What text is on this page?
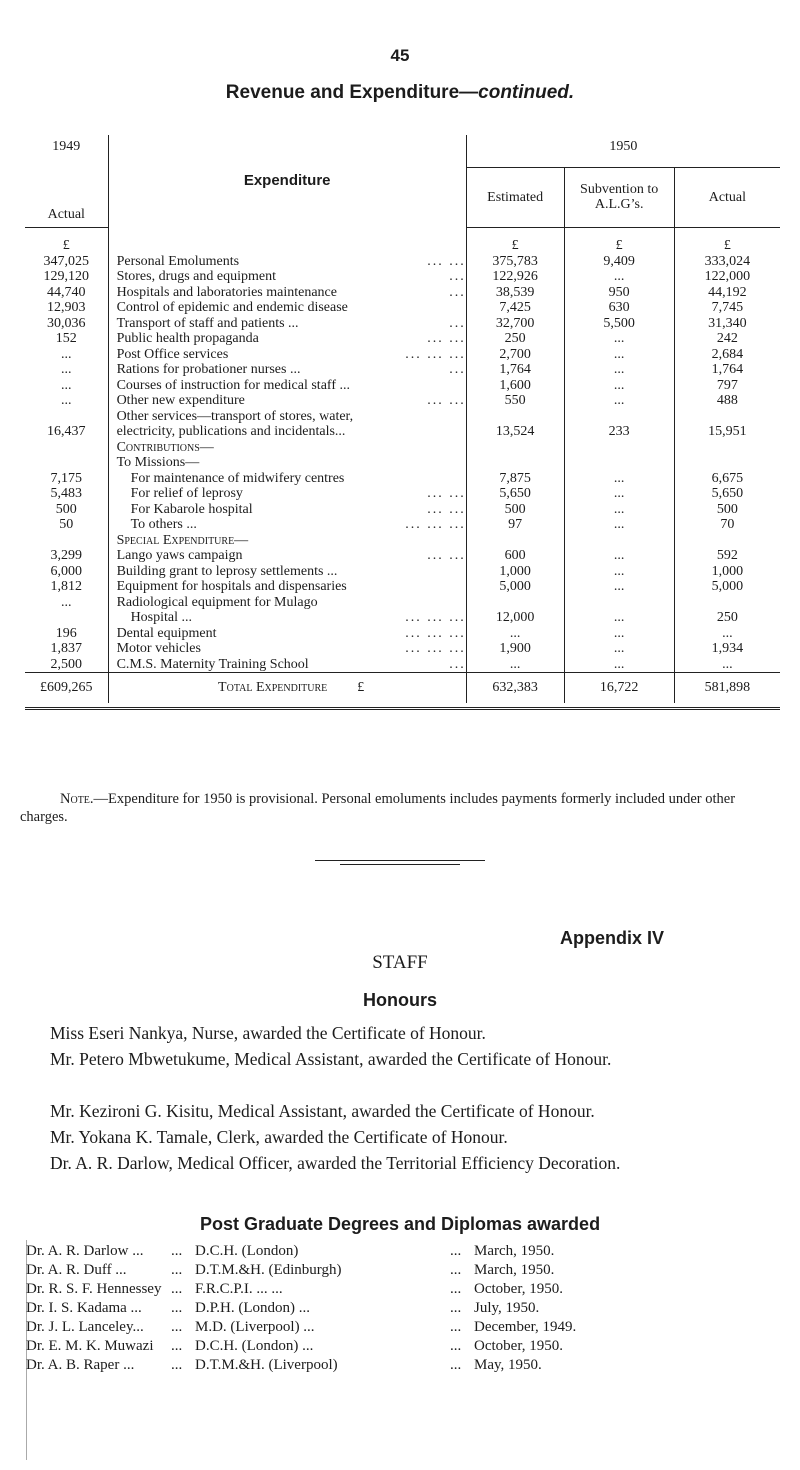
45
Revenue and Expenditure—continued.
1949	Expenditure	1950		
Actual		Estimated	Subvention to A.L.G’s.	Actual
£		£	£	£
347,025	Personal Emoluments ... ...	375,783	9,409	333,024
129,120	Stores, drugs and equipment ...	122,926	...	122,000
44,740	Hospitals and laboratories maintenance ...	38,539	950	44,192
12,903	Control of epidemic and endemic disease	7,425	630	7,745
30,036	Transport of staff and patients ... ...	32,700	5,500	31,340
152	Public health propaganda ... ...	250	...	242
...	Post Office services ... ... ...	2,700	...	2,684
...	Rations for probationer nurses ... ...	1,764	...	1,764
...	Courses of instruction for medical staff ...	1,600	...	797
...	Other new expenditure ... ...	550	...	488
	Other services—transport of stores, water,			
16,437	electricity, publications and incidentals...	13,524	233	15,951
	Contributions—			
	To Missions—			
7,175	For maintenance of midwifery centres	7,875	...	6,675
5,483	For relief of leprosy ... ...	5,650	...	5,650
500	For Kabarole hospital ... ...	500	...	500
50	To others ... ... ... ...	97	...	70
	Special Expenditure—			
3,299	Lango yaws campaign ... ...	600	...	592
6,000	Building grant to leprosy settlements ...	1,000	...	1,000
1,812	Equipment for hospitals and dispensaries	5,000	...	5,000
...	Radiological equipment for Mulago			

	Hospital ... ... ... ...	12,000	...	250
196	Dental equipment ... ... ...	...	...	...
1,837	Motor vehicles ... ... ...	1,900	...	1,934
2,500	C.M.S. Maternity Training School ...	...	...	...
£609,265	Total Expenditure £	632,383	16,722	581,898

Note.—Expenditure for 1950 is provisional. Personal emoluments includes payments formerly included under other charges.
Appendix IV
STAFF
Honours
Miss Eseri Nankya, Nurse, awarded the Certificate of Honour.
Mr. Petero Mbwetukume, Medical Assistant, awarded the Certificate of Honour.
Mr. Kezironi G. Kisitu, Medical Assistant, awarded the Certificate of Honour.
Mr. Yokana K. Tamale, Clerk, awarded the Certificate of Honour.
Dr. A. R. Darlow, Medical Officer, awarded the Territorial Efficiency Decoration.
Post Graduate Degrees and Diplomas awarded
Dr. A. R. Darlow ...	...	D.C.H. (London)	...	March, 1950.
Dr. A. R. Duff ...	...	D.T.M.&H. (Edinburgh)	...	March, 1950.
Dr. R. S. F. Hennessey	...	F.R.C.P.I. ... ...	...	October, 1950.
Dr. I. S. Kadama ...	...	D.P.H. (London) ...	...	July, 1950.
Dr. J. L. Lanceley...	...	M.D. (Liverpool) ...	...	December, 1949.
Dr. E. M. K. Muwazi	...	D.C.H. (London) ...	...	October, 1950.
Dr. A. B. Raper ...	...	D.T.M.&H. (Liverpool)	...	May, 1950.
